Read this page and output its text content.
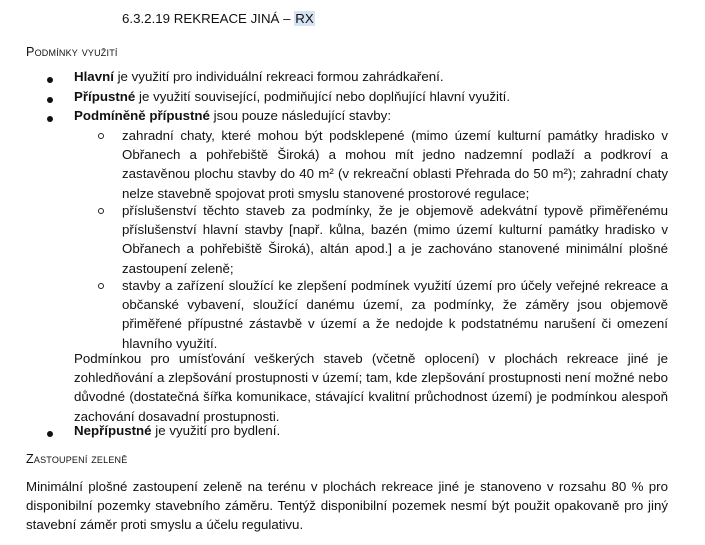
6.3.2.19 REKREACE JINÁ – RX
Podmínky využití
Hlavní je využití pro individuální rekreaci formou zahrádkaření.
Přípustné je využití související, podmiňující nebo doplňující hlavní využití.
Podmíněně přípustné jsou pouze následující stavby:
zahradní chaty, které mohou být podsklepené (mimo území kulturní památky hradisko v Obřanech a pohřebiště Široká) a mohou mít jedno nadzemní podlaží a podkroví a zastavěnou plochu stavby do 40 m² (v rekreační oblasti Přehrada do 50 m²); zahradní chaty nelze stavebně spojovat proti smyslu stanovené prostorové regulace;
příslušenství těchto staveb za podmínky, že je objemově adekvátní typově přiměřenému příslušenství hlavní stavby [např. kůlna, bazén (mimo území kulturní památky hradisko v Obřanech a pohřebiště Široká), altán apod.] a je zachováno stanovené minimální plošné zastoupení zeleně;
stavby a zařízení sloužící ke zlepšení podmínek využití území pro účely veřejné rekreace a občanské vybavení, sloužící danému území, za podmínky, že záměry jsou objemově přiměřené přípustné zástavbě v území a že nedojde k podstatnému narušení či omezení hlavního využití.
Podmínkou pro umísťování veškerých staveb (včetně oplocení) v plochách rekreace jiné je zohledňování a zlepšování prostupnosti v území; tam, kde zlepšování prostupnosti není možné nebo důvodné (dostatečná šířka komunikace, stávající kvalitní průchodnost území) je podmínkou alespoň zachování dosavadní prostupnosti.
Nepřípustné je využití pro bydlení.
Zastoupení zeleně
Minimální plošné zastoupení zeleně na terénu v plochách rekreace jiné je stanoveno v rozsahu 80 % pro disponibilní pozemky stavebního záměru. Tentýž disponibilní pozemek nesmí být použit opakovaně pro jiný stavební záměr proti smyslu a účelu regulativu.
